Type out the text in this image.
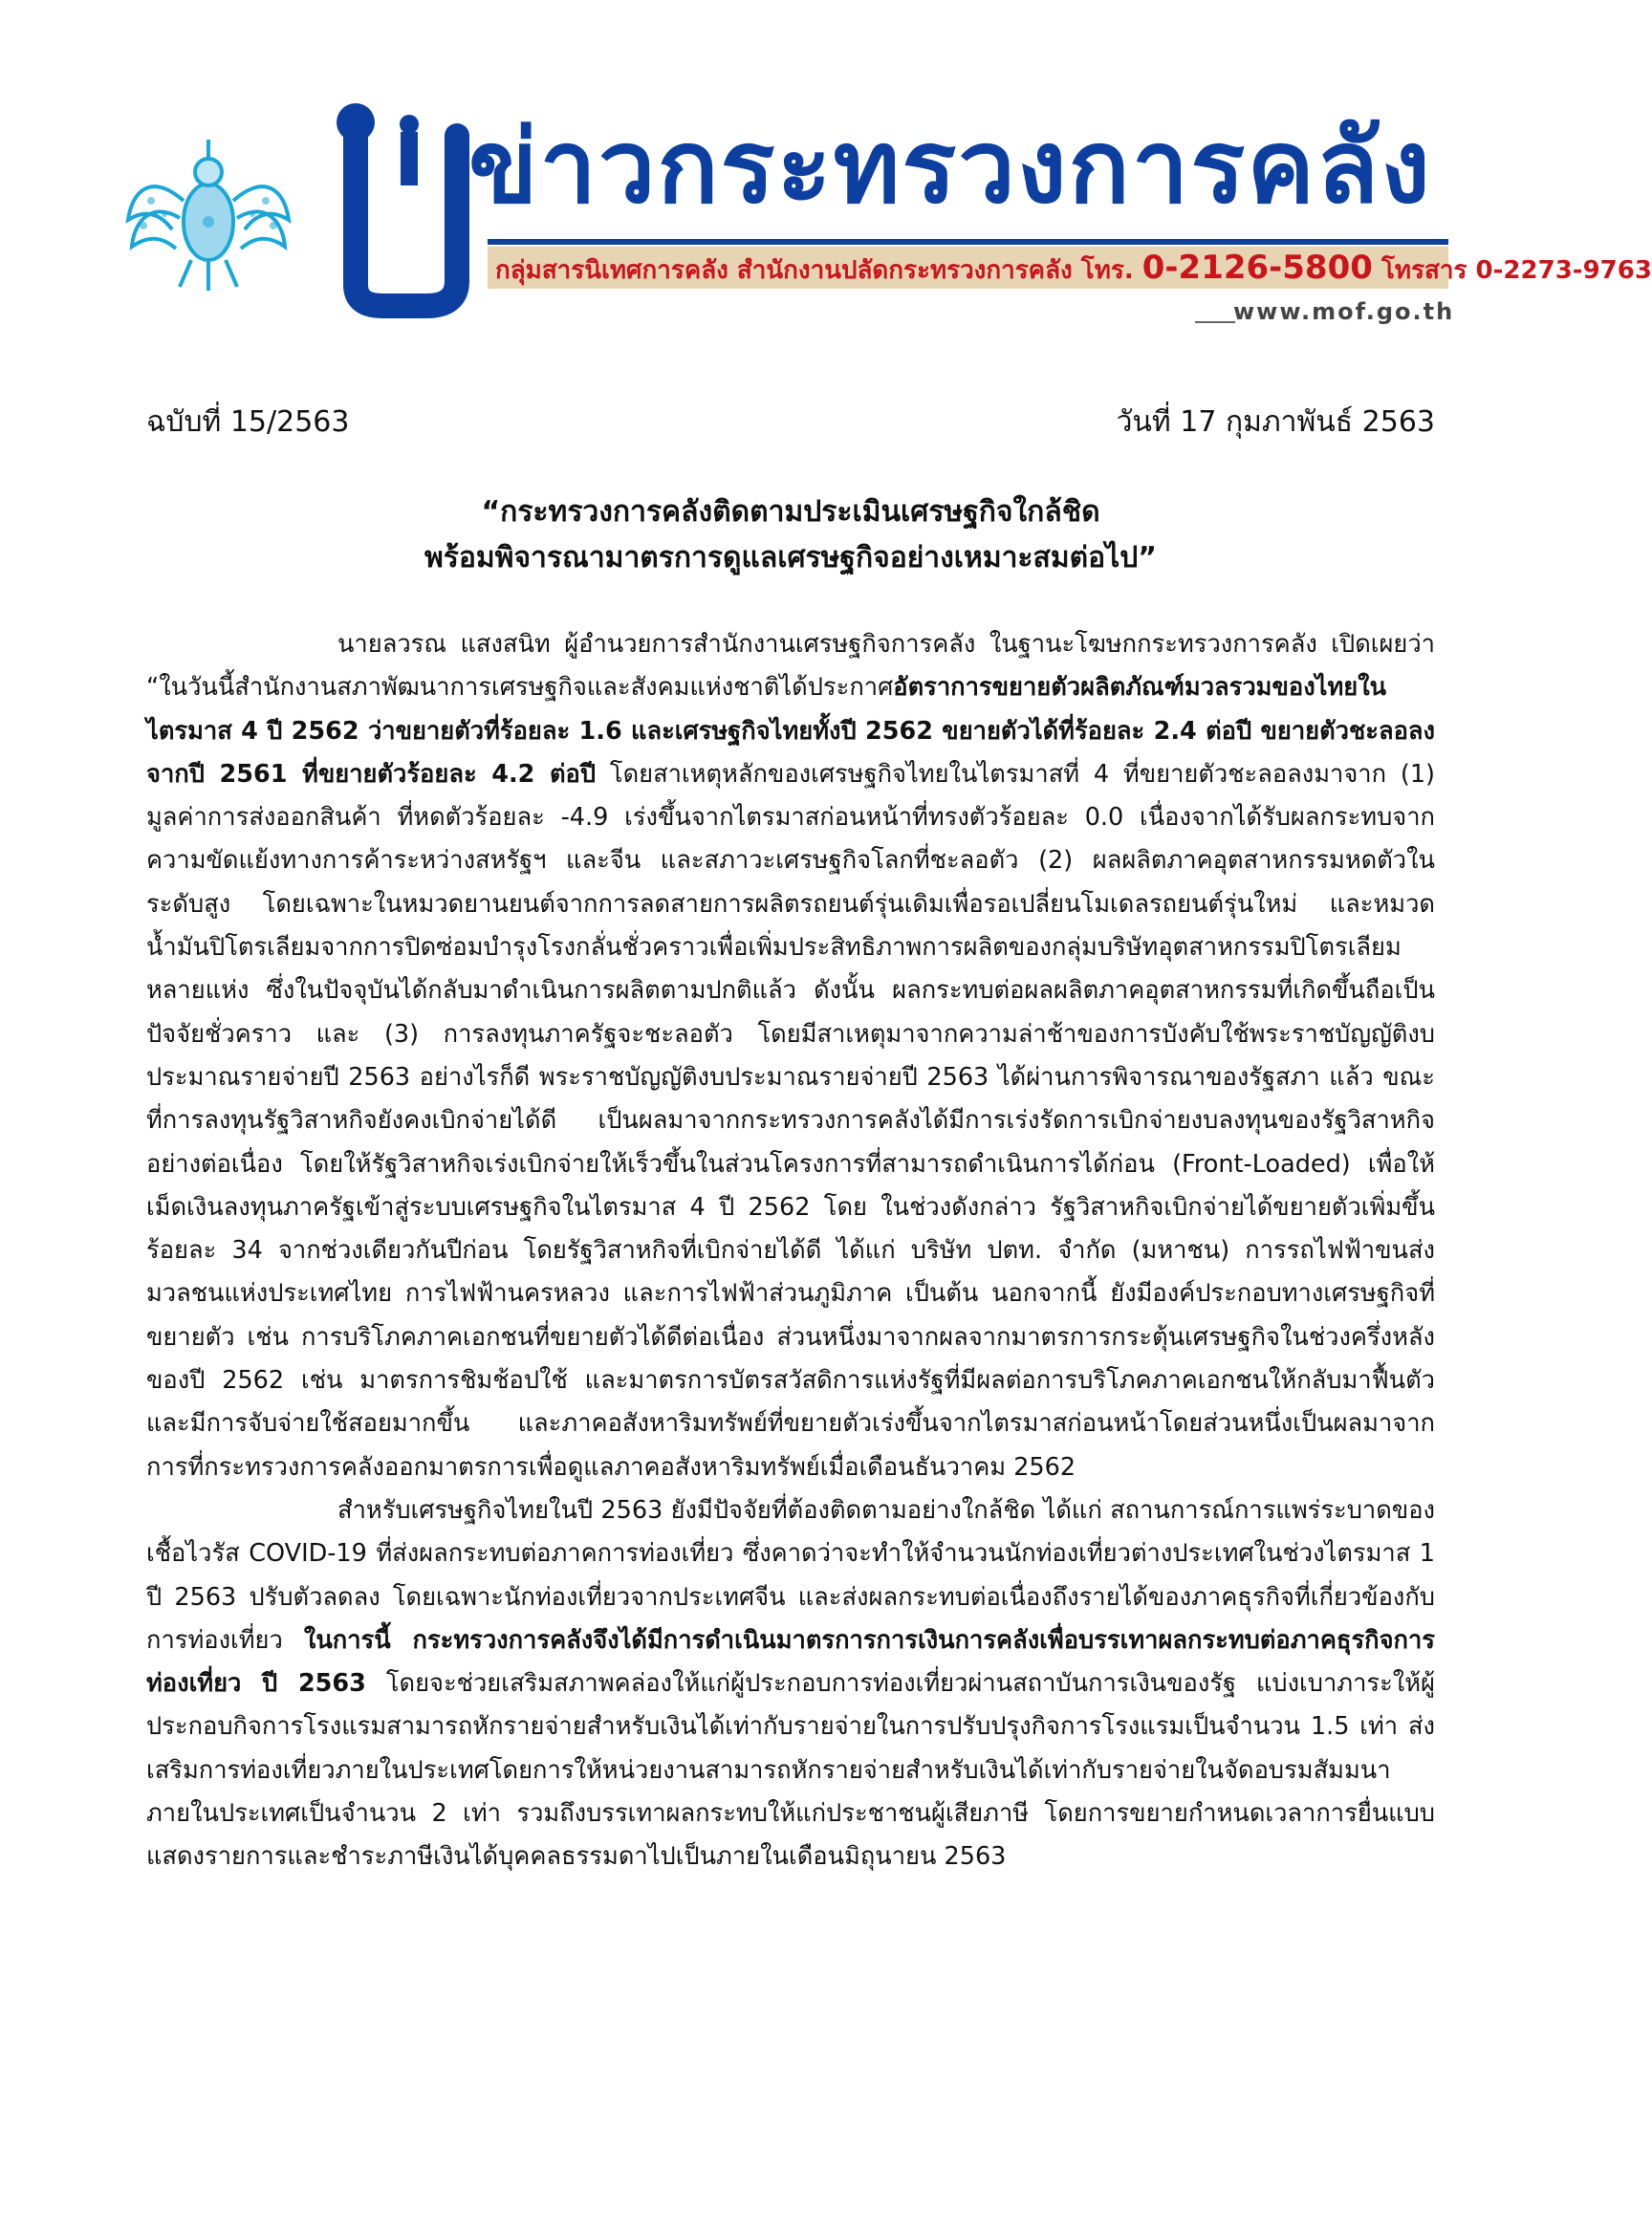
ข่าวกระทรวงการคลัง
กลุ่มสารนิเทศการคลัง สำนักงานปลัดกระทรวงการคลัง โทร. 0-2126-5800 โทรสาร 0-2273-9763
www.mof.go.th
ฉบับที่ 15/2563	วันที่ 17 กุมภาพันธ์ 2563
“กระทรวงการคลังติดตามประเมินเศรษฐกิจใกล้ชิด
พร้อมพิจารณามาตรการดูแลเศรษฐกิจอย่างเหมาะสมต่อไป”

นายลวรณ แสงสนิท ผู้อำนวยการสำนักงานเศรษฐกิจการคลัง ในฐานะโฆษกกระทรวงการคลัง เปิดเผยว่า “ในวันนี้สำนักงานสภาพัฒนาการเศรษฐกิจและสังคมแห่งชาติได้ประกาศอัตราการขยายตัวผลิตภัณฑ์มวลรวมของไทยในไตรมาส 4 ปี 2562 ว่าขยายตัวที่ร้อยละ 1.6 และเศรษฐกิจไทยทั้งปี 2562 ขยายตัวได้ที่ร้อยละ 2.4 ต่อปี ขยายตัวชะลอลงจากปี 2561 ที่ขยายตัวร้อยละ 4.2 ต่อปี โดยสาเหตุหลักของเศรษฐกิจไทยในไตรมาสที่ 4 ที่ขยายตัวชะลอลงมาจาก (1) มูลค่าการส่งออกสินค้า ที่หดตัวร้อยละ -4.9 เร่งขึ้นจากไตรมาสก่อนหน้าที่ทรงตัวร้อยละ 0.0 เนื่องจากได้รับผลกระทบจากความขัดแย้งทางการค้าระหว่างสหรัฐฯ และจีน และสภาวะเศรษฐกิจโลกที่ชะลอตัว (2) ผลผลิตภาคอุตสาหกรรมหดตัวในระดับสูง โดยเฉพาะในหมวดยานยนต์จากการลดสายการผลิตรถยนต์รุ่นเดิมเพื่อรอเปลี่ยนโมเดลรถยนต์รุ่นใหม่ และหมวดน้ำมันปิโตรเลียมจากการปิดซ่อมบำรุงโรงกลั่นชั่วคราวเพื่อเพิ่มประสิทธิภาพการผลิตของกลุ่มบริษัทอุตสาหกรรมปิโตรเลียมหลายแห่ง ซึ่งในปัจจุบันได้กลับมาดำเนินการผลิตตามปกติแล้ว ดังนั้น ผลกระทบต่อผลผลิตภาคอุตสาหกรรมที่เกิดขึ้นถือเป็นปัจจัยชั่วคราว และ (3) การลงทุนภาครัฐจะชะลอตัว โดยมีสาเหตุมาจากความล่าช้าของการบังคับใช้พระราชบัญญัติงบประมาณรายจ่ายปี 2563 อย่างไรก็ดี พระราชบัญญัติงบประมาณรายจ่ายปี 2563 ได้ผ่านการพิจารณาของรัฐสภา แล้ว ขณะที่การลงทุนรัฐวิสาหกิจยังคงเบิกจ่ายได้ดี เป็นผลมาจากกระทรวงการคลังได้มีการเร่งรัดการเบิกจ่ายงบลงทุนของรัฐวิสาหกิจอย่างต่อเนื่อง โดยให้รัฐวิสาหกิจเร่งเบิกจ่ายให้เร็วขึ้นในส่วนโครงการที่สามารถดำเนินการได้ก่อน (Front-Loaded) เพื่อให้เม็ดเงินลงทุนภาครัฐเข้าสู่ระบบเศรษฐกิจในไตรมาส 4 ปี 2562 โดย ในช่วงดังกล่าว รัฐวิสาหกิจเบิกจ่ายได้ขยายตัวเพิ่มขึ้นร้อยละ 34 จากช่วงเดียวกันปีก่อน โดยรัฐวิสาหกิจที่เบิกจ่ายได้ดี ได้แก่ บริษัท ปตท. จำกัด (มหาชน) การรถไฟฟ้าขนส่งมวลชนแห่งประเทศไทย การไฟฟ้านครหลวง และการไฟฟ้าส่วนภูมิภาค เป็นต้น นอกจากนี้ ยังมีองค์ประกอบทางเศรษฐกิจที่ขยายตัว เช่น การบริโภคภาคเอกชนที่ขยายตัวได้ดีต่อเนื่อง ส่วนหนึ่งมาจากผลจากมาตรการกระตุ้นเศรษฐกิจในช่วงครึ่งหลังของปี 2562 เช่น มาตรการชิมช้อปใช้ และมาตรการบัตรสวัสดิการแห่งรัฐที่มีผลต่อการบริโภคภาคเอกชนให้กลับมาฟื้นตัวและมีการจับจ่ายใช้สอยมากขึ้น และภาคอสังหาริมทรัพย์ที่ขยายตัวเร่งขึ้นจากไตรมาสก่อนหน้าโดยส่วนหนึ่งเป็นผลมาจากการที่กระทรวงการคลังออกมาตรการเพื่อดูแลภาคอสังหาริมทรัพย์เมื่อเดือนธันวาคม 2562

สำหรับเศรษฐกิจไทยในปี 2563 ยังมีปัจจัยที่ต้องติดตามอย่างใกล้ชิด ได้แก่ สถานการณ์การแพร่ระบาดของเชื้อไวรัส COVID-19 ที่ส่งผลกระทบต่อภาคการท่องเที่ยว ซึ่งคาดว่าจะทำให้จำนวนนักท่องเที่ยวต่างประเทศในช่วงไตรมาส 1 ปี 2563 ปรับตัวลดลง โดยเฉพาะนักท่องเที่ยวจากประเทศจีน และส่งผลกระทบต่อเนื่องถึงรายได้ของภาคธุรกิจที่เกี่ยวข้องกับการท่องเที่ยว ในการนี้ กระทรวงการคลังจึงได้มีการดำเนินมาตรการการเงินการคลังเพื่อบรรเทาผลกระทบต่อภาคธุรกิจการท่องเที่ยว ปี 2563 โดยจะช่วยเสริมสภาพคล่องให้แก่ผู้ประกอบการท่องเที่ยวผ่านสถาบันการเงินของรัฐ แบ่งเบาภาระให้ผู้ประกอบกิจการโรงแรมสามารถหักรายจ่ายสำหรับเงินได้เท่ากับรายจ่ายในการปรับปรุงกิจการโรงแรมเป็นจำนวน 1.5 เท่า ส่งเสริมการท่องเที่ยวภายในประเทศโดยการให้หน่วยงานสามารถหักรายจ่ายสำหรับเงินได้เท่ากับรายจ่ายในจัดอบรมสัมมนาภายในประเทศเป็นจำนวน 2 เท่า รวมถึงบรรเทาผลกระทบให้แก่ประชาชนผู้เสียภาษี โดยการขยายกำหนดเวลาการยื่นแบบแสดงรายการและชำระภาษีเงินได้บุคคลธรรมดาไปเป็นภายในเดือนมิถุนายน 2563
